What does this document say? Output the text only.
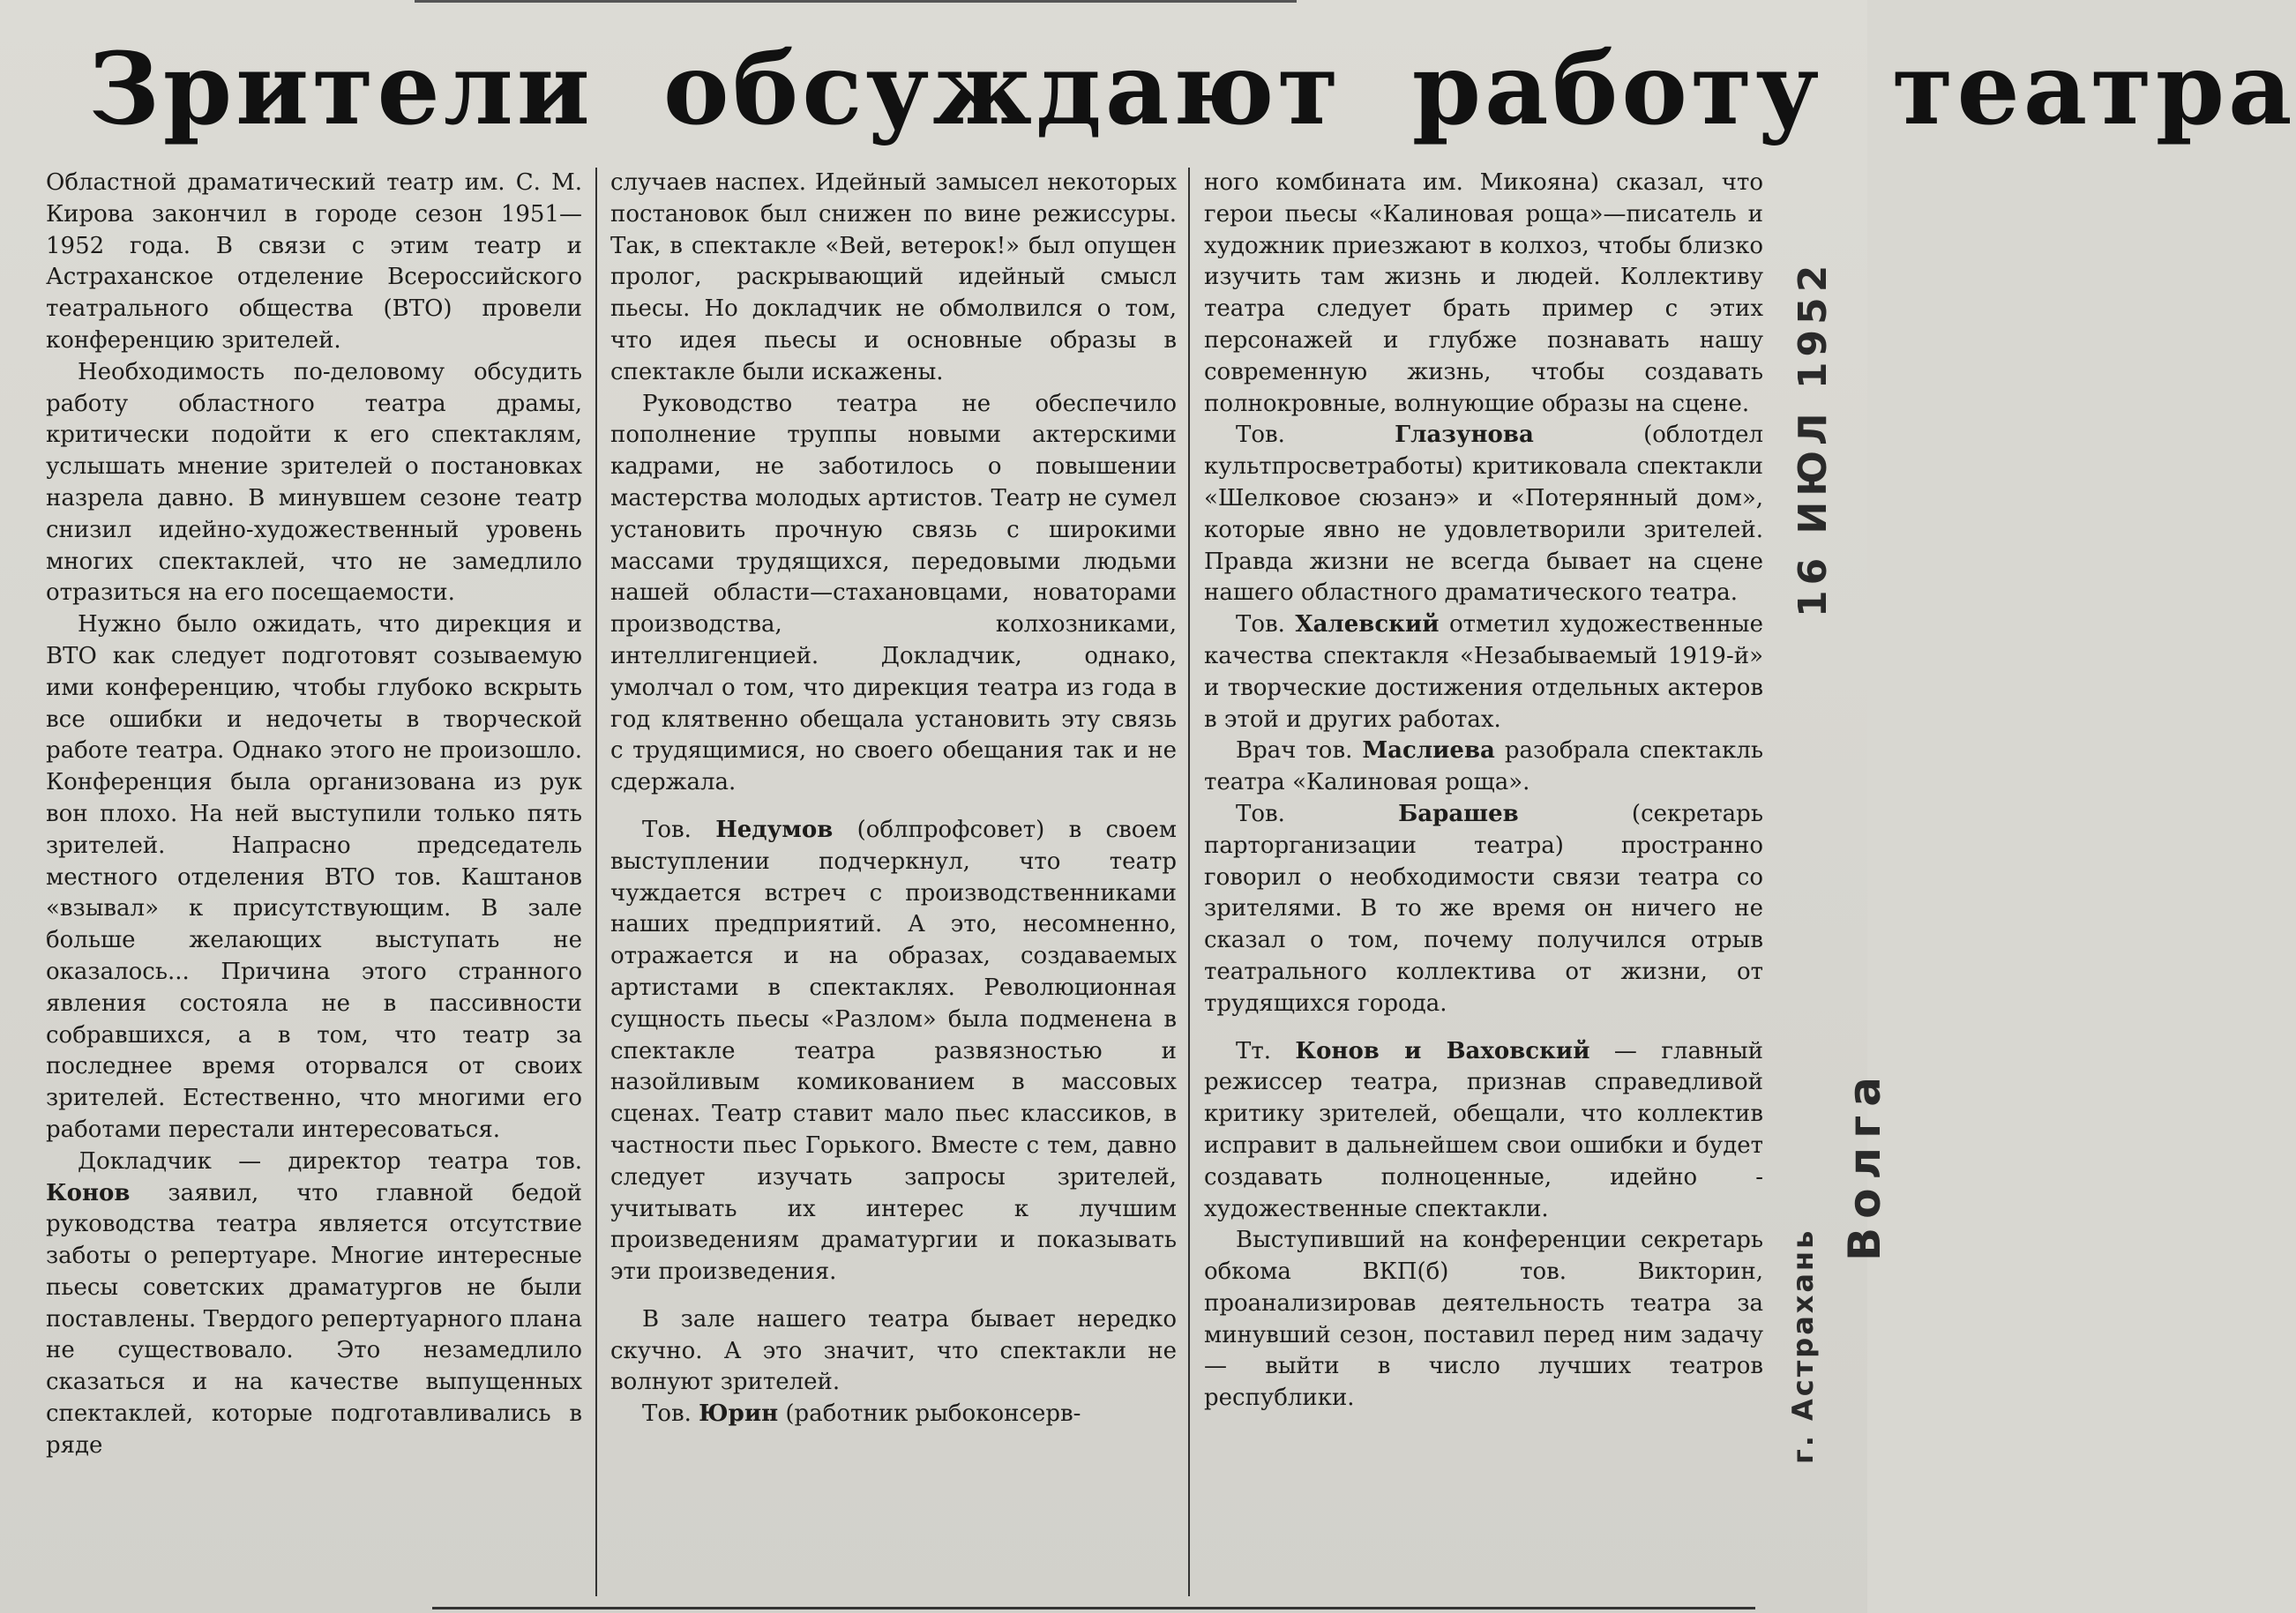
Зрители обсуждают работу театра

Областной драматический театр им. С. М. Кирова закончил в городе сезон 1951—1952 года. В связи с этим театр и Астраханское отделение Всероссийского театрального общества (ВТО) провели конференцию зрителей.

Необходимость по-деловому обсудить работу областного театра драмы, критически подойти к его спектаклям, услышать мнение зрителей о постановках назрела давно. В минувшем сезоне театр снизил идейно-художественный уровень многих спектаклей, что не замедлило отразиться на его посещаемости.

Нужно было ожидать, что дирекция и ВТО как следует подготовят созываемую ими конференцию, чтобы глубоко вскрыть все ошибки и недочеты в творческой работе театра. Однако этого не произошло. Конференция была организована из рук вон плохо. На ней выступили только пять зрителей. Напрасно председатель местного отделения ВТО тов. Каштанов «взывал» к присутствующим. В зале больше желающих выступать не оказалось... Причина этого странного явления состояла не в пассивности собравшихся, а в том, что театр за последнее время оторвался от своих зрителей. Естественно, что многими его работами перестали интересоваться.

Докладчик — директор театра тов. Конов заявил, что главной бедой руководства театра является отсутствие заботы о репертуаре. Многие интересные пьесы советских драматургов не были поставлены. Твердого репертуарного плана не существовало. Это незамедлило сказаться и на качестве выпущенных спектаклей, которые подготавливались в ряде

случаев наспех. Идейный замысел некоторых постановок был снижен по вине режиссуры. Так, в спектакле «Вей, ветерок!» был опущен пролог, раскрывающий идейный смысл пьесы. Но докладчик не обмолвился о том, что идея пьесы и основные образы в спектакле были искажены.

Руководство театра не обеспечило пополнение труппы новыми актерскими кадрами, не заботилось о повышении мастерства молодых артистов. Театр не сумел установить прочную связь с широкими массами трудящихся, передовыми людьми нашей области—стахановцами, новаторами производства, колхозниками, интеллигенцией. Докладчик, однако, умолчал о том, что дирекция театра из года в год клятвенно обещала установить эту связь с трудящимися, но своего обещания так и не сдержала.

Тов. Недумов (облпрофсовет) в своем выступлении подчеркнул, что театр чуждается встреч с производственниками наших предприятий. А это, несомненно, отражается и на образах, создаваемых артистами в спектаклях. Революционная сущность пьесы «Разлом» была подменена в спектакле театра развязностью и назойливым комикованием в массовых сценах. Театр ставит мало пьес классиков, в частности пьес Горького. Вместе с тем, давно следует изучать запросы зрителей, учитывать их интерес к лучшим произведениям драматургии и показывать эти произведения.

В зале нашего театра бывает нередко скучно. А это значит, что спектакли не волнуют зрителей.

Тов. Юрин (работник рыбоконсерв-

ного комбината им. Микояна) сказал, что герои пьесы «Калиновая роща»—писатель и художник приезжают в колхоз, чтобы близко изучить там жизнь и людей. Коллективу театра следует брать пример с этих персонажей и глубже познавать нашу современную жизнь, чтобы создавать полнокровные, волнующие образы на сцене.

Тов. Глазунова (облотдел культпросветработы) критиковала спектакли «Шелковое сюзанэ» и «Потерянный дом», которые явно не удовлетворили зрителей. Правда жизни не всегда бывает на сцене нашего областного драматического театра.

Тов. Халевский отметил художественные качества спектакля «Незабываемый 1919-й» и творческие достижения отдельных актеров в этой и других работах.

Врач тов. Маслиева разобрала спектакль театра «Калиновая роща».

Тов. Барашев (секретарь парторганизации театра) пространно говорил о необходимости связи театра со зрителями. В то же время он ничего не сказал о том, почему получился отрыв театрального коллектива от жизни, от трудящихся города.

Тт. Конов и Ваховский — главный режиссер театра, признав справедливой критику зрителей, обещали, что коллектив исправит в дальнейшем свои ошибки и будет создавать полноценные, идейно - художественные спектакли.

Выступивший на конференции секретарь обкома ВКП(б) тов. Викторин, проанализировав деятельность театра за минувший сезон, поставил перед ним задачу — выйти в число лучших театров республики.

16 ИЮЛ 1952
Волга
г. Астрахань
